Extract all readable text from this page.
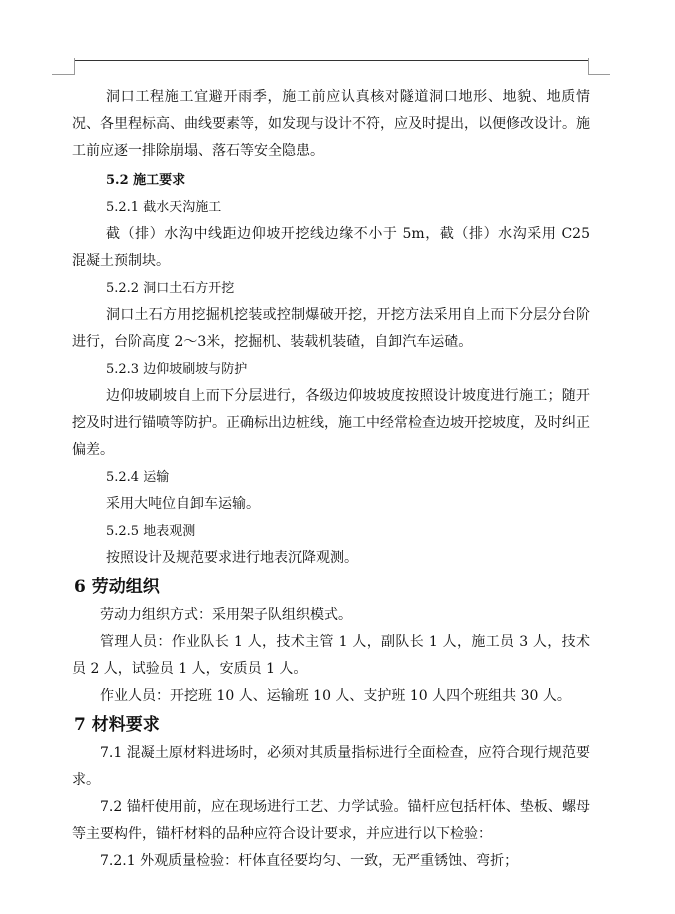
洞口工程施工宜避开雨季，施工前应认真核对隧道洞口地形、地貌、地质情况、各里程标高、曲线要素等，如发现与设计不符，应及时提出，以便修改设计。施工前应逐一排除崩塌、落石等安全隐患。

5.2 施工要求

5.2.1 截水天沟施工

截（排）水沟中线距边仰坡开挖线边缘不小于 5m，截（排）水沟采用 C25 混凝土预制块。

5.2.2 洞口土石方开挖

洞口土石方用挖掘机挖装或控制爆破开挖，开挖方法采用自上而下分层分台阶进行，台阶高度 2～3米，挖掘机、装载机装碴，自卸汽车运碴。

5.2.3 边仰坡刷坡与防护

边仰坡刷坡自上而下分层进行，各级边仰坡坡度按照设计坡度进行施工；随开挖及时进行锚喷等防护。正确标出边桩线，施工中经常检查边坡开挖坡度，及时纠正偏差。

5.2.4 运输

采用大吨位自卸车运输。

5.2.5 地表观测

按照设计及规范要求进行地表沉降观测。

6 劳动组织

劳动力组织方式：采用架子队组织模式。

管理人员：作业队长 1 人，技术主管 1 人，副队长 1 人，施工员 3 人，技术员 2 人，试验员 1 人，安质员 1 人。

作业人员：开挖班 10 人、运输班 10 人、支护班 10 人四个班组共 30 人。

7 材料要求

7.1 混凝土原材料进场时，必须对其质量指标进行全面检查，应符合现行规范要求。

7.2 锚杆使用前，应在现场进行工艺、力学试验。锚杆应包括杆体、垫板、螺母等主要构件，锚杆材料的品种应符合设计要求，并应进行以下检验：

7.2.1 外观质量检验：杆体直径要均匀、一致，无严重锈蚀、弯折；
